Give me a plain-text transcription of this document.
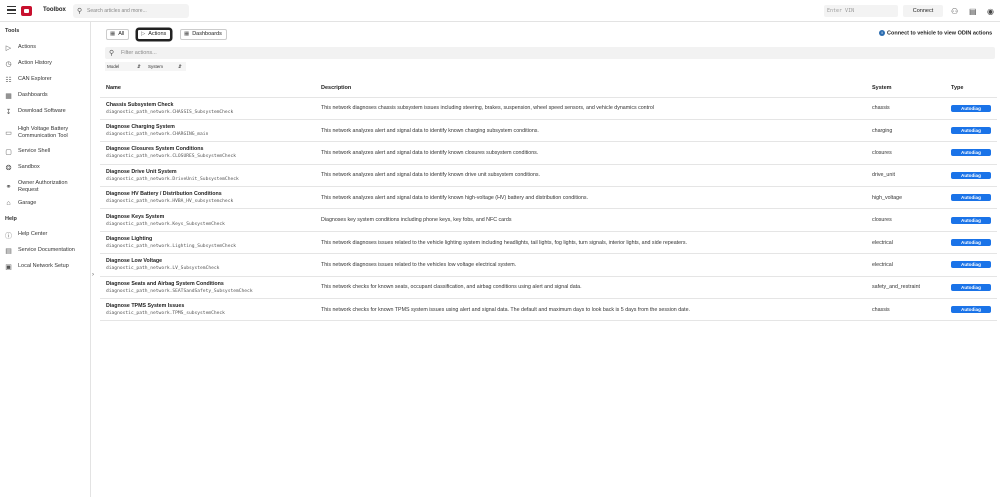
Toolbox ⚲ Search articles and more...	Enter VIN	Connect	⚇ ▤ ◉
Tools
▷	Actions
◷ Action History
☷ CAN Explorer
▦ Dashboards
↧ Download Software
▭
High Voltage Battery Communication Tool
▢ Service Shell
❂ Sandbox
⚭
Owner Authorization Request
⌂	Garage
Help
ⓘ Help Center
▤ Service Documentation
▣ Local Network Setup
›
▦ All	▷ Actions	▦ Dashboards	i Connect to vehicle to view ODIN actions
⚲ Filter actions...
Model	⇵ System	⇵
Name	Description	System	Type

Chassis Subsystem Check
diagnostic_path_network.CHASSIS_SubsystemCheck	This network diagnoses chassis subsystem issues including steering, brakes, suspension, wheel speed sensors, and vehicle dynamics control	chassis	Autodiag

Diagnose Charging System
diagnostic_path_network.CHARGING_main	This network analyzes alert and signal data to identify known charging subsystem conditions.	charging	Autodiag

Diagnose Closures System Conditions
diagnostic_path_network.CLOSURES_SubsystemCheck	This network analyzes alert and signal data to identify known closures subsystem conditions.	closures	Autodiag

Diagnose Drive Unit System
diagnostic_path_network.DriveUnit_SubsystemCheck	This network analyzes alert and signal data to identify known drive unit subsystem conditions.	drive_unit	Autodiag

Diagnose HV Battery / Distribution Conditions
diagnostic_path_network.HVBA_HV_subsystemcheck	This network analyzes alert and signal data to identify known high-voltage (HV) battery and distribution conditions.	high_voltage	Autodiag

Diagnose Keys System
diagnostic_path_network.Keys_SubsystemCheck	Diagnoses key system conditions including phone keys, key fobs, and NFC cards	closures	Autodiag

Diagnose Lighting
diagnostic_path_network.Lighting_SubsystemCheck	This network diagnoses issues related to the vehicle lighting system including headlights, tail lights, fog lights, turn signals, interior lights, and side repeaters.	electrical	Autodiag

Diagnose Low Voltage
diagnostic_path_network.LV_SubsystemCheck	This network diagnoses issues related to the vehicles low voltage electrical system.	electrical	Autodiag

Diagnose Seats and Airbag System Conditions
diagnostic_path_network.SEATSandSafety_SubsystemCheck	This network checks for known seats, occupant classification, and airbag conditions using alert and signal data.	safety_and_restraint	Autodiag

Diagnose TPMS System Issues
diagnostic_path_network.TPMS_subsystemCheck	This network checks for known TPMS system issues using alert and signal data. The default and maximum days to look back is 5 days from the session date.	chassis	Autodiag
